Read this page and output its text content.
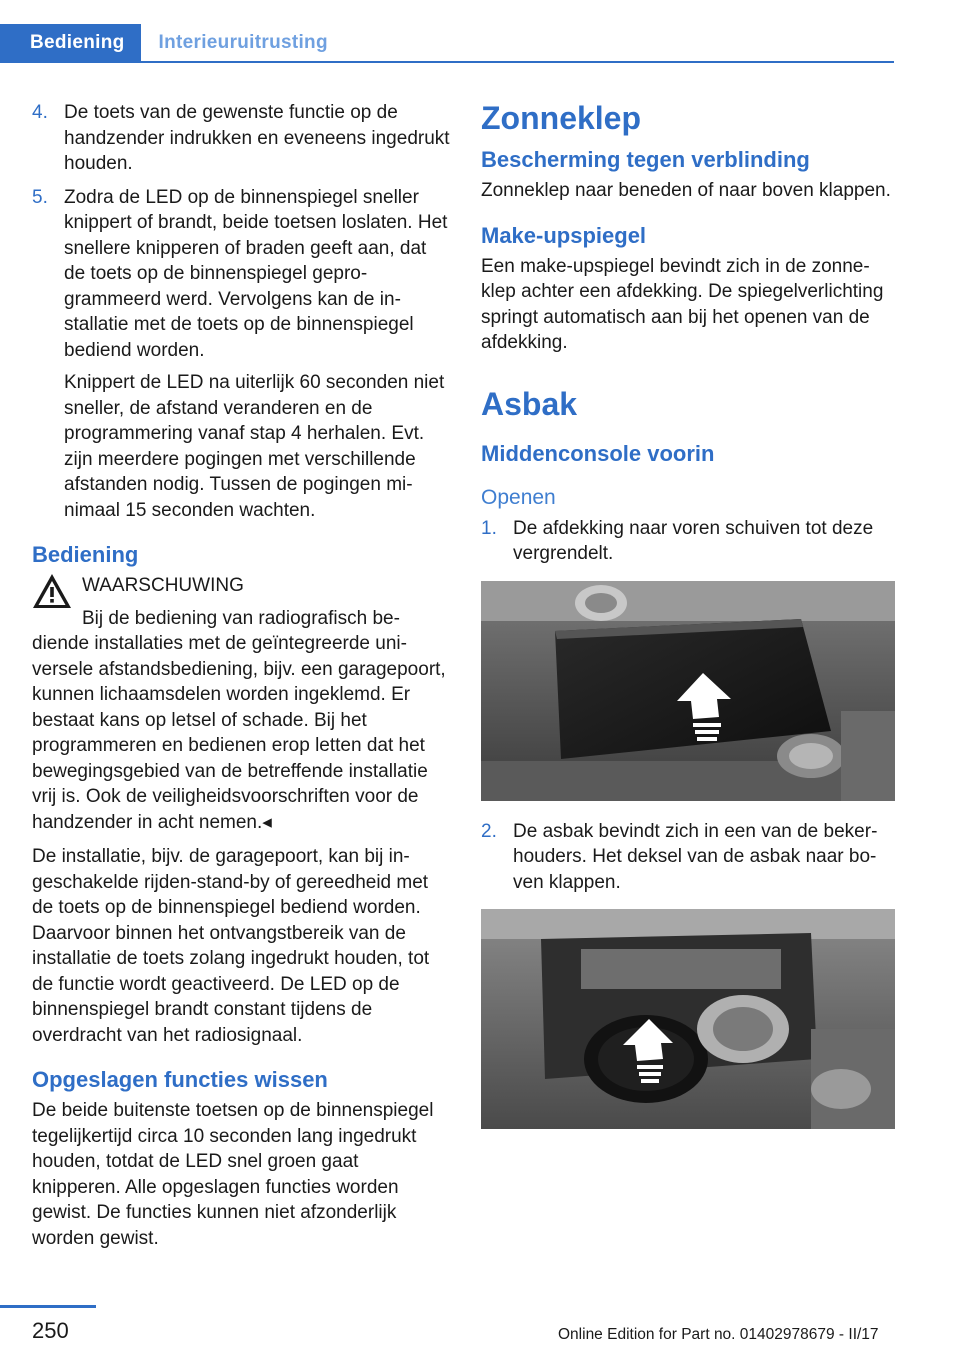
Bediening	Interieuruitrusting
4. De toets van de gewenste functie op de handzender indrukken en eveneens ingedrukt houden.

5. Zodra de LED op de binnenspiegel sneller knippert of brandt, beide toetsen loslaten. Het snellere knipperen of braden geeft aan, dat de toets op de binnenspiegel geprogrammeerd werd. Vervolgens kan de installatie met de toets op de binnenspiegel bediend worden.

Knippert de LED na uiterlijk 60 seconden niet sneller, de afstand veranderen en de programmering vanaf stap 4 herhalen. Evt. zijn meerdere pogingen met verschillende afstanden nodig. Tussen de pogingen minimaal 15 seconden wachten.

Bediening
WAARSCHUWING

Bij de bediening van radiografisch bediende installaties met de geïntegreerde universele afstandsbediening, bijv. een garagepoort, kunnen lichaamsdelen worden ingeklemd. Er bestaat kans op letsel of schade. Bij het programmeren en bedienen erop letten dat het bewegingsgebied van de betreffende installatie vrij is. Ook de veiligheidsvoorschriften voor de handzender in acht nemen.◂

De installatie, bijv. de garagepoort, kan bij ingeschakelde rijden-stand-by of gereedheid met de toets op de binnenspiegel bediend worden. Daarvoor binnen het ontvangstbereik van de installatie de toets zolang ingedrukt houden, tot de functie wordt geactiveerd. De LED op de binnenspiegel brandt constant tijdens de overdracht van het radiosignaal.

Opgeslagen functies wissen

De beide buitenste toetsen op de binnenspiegel tegelijkertijd circa 10 seconden lang ingedrukt houden, totdat de LED snel groen gaat knipperen. Alle opgeslagen functies worden gewist. De functies kunnen niet afzonderlijk worden gewist.

Zonneklep
Bescherming tegen verblinding

Zonneklep naar beneden of naar boven klappen.

Make-upspiegel

Een make-upspiegel bevindt zich in de zonneklep achter een afdekking. De spiegelverlichting springt automatisch aan bij het openen van de afdekking.

Asbak
Middenconsole voorin
Openen
1. De afdekking naar voren schuiven tot deze vergrendelt.

2. De asbak bevindt zich in een van de bekerhouders. Het deksel van de asbak naar boven klappen.

250	Online Edition for Part no. 01402978679 - II/17
